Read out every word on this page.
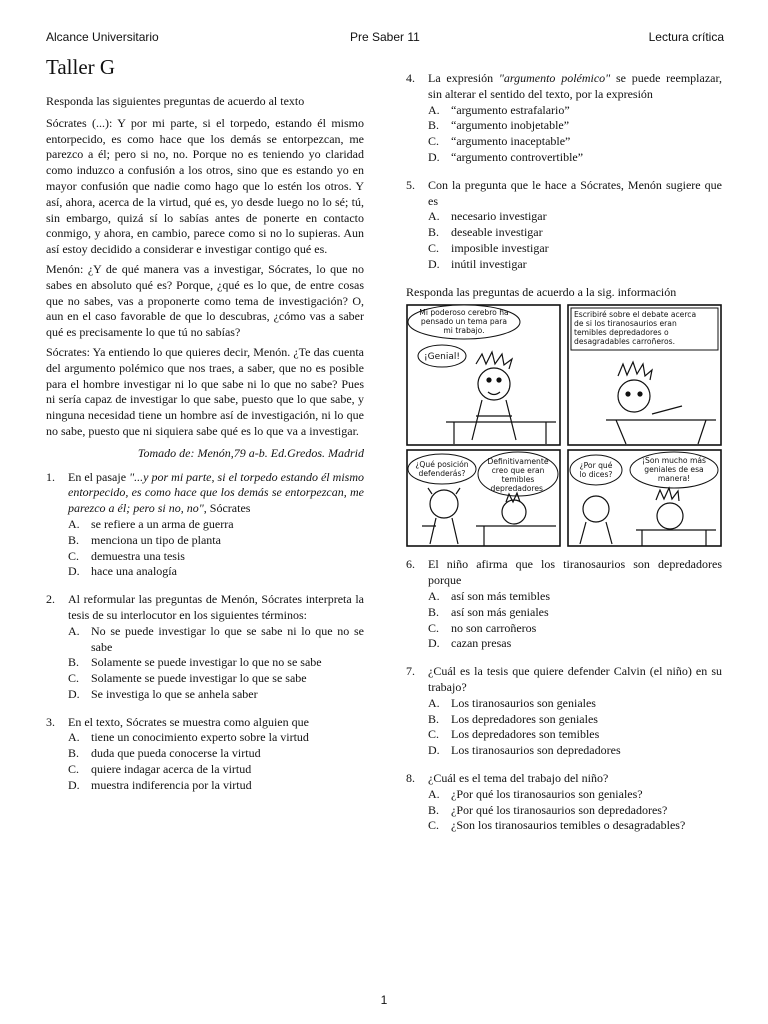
Alcance Universitario	Pre Saber 11	Lectura crítica
Taller G

Responda las siguientes preguntas de acuerdo al texto

Sócrates (...): Y por mi parte, si el torpedo, estando él mismo entorpecido, es como hace que los demás se entorpezcan, me parezco a él; pero si no, no. Porque no es teniendo yo claridad como induzco a confusión a los otros, sino que es estando yo en mayor confusión que nadie como hago que lo estén los otros. Y así, ahora, acerca de la virtud, qué es, yo desde luego no lo sé; tú, sin embargo, quizá sí lo sabías antes de ponerte en contacto conmigo, y ahora, en cambio, parece como si no lo supieras. Aun así estoy decidido a considerar e investigar contigo qué es.

Menón: ¿Y de qué manera vas a investigar, Sócrates, lo que no sabes en absoluto qué es? Porque, ¿qué es lo que, de entre cosas que no sabes, vas a proponerte como tema de investigación? O, aun en el caso favorable de que lo descubras, ¿cómo vas a saber qué es precisamente lo que tú no sabías?

Sócrates: Ya entiendo lo que quieres decir, Menón. ¿Te das cuenta del argumento polémico que nos traes, a saber, que no es posible para el hombre investigar ni lo que sabe ni lo que no sabe? Pues ni sería capaz de investigar lo que sabe, puesto que lo que sabe, y ninguna necesidad tiene un hombre así de investigación, ni lo que no sabe, puesto que ni siquiera sabe qué es lo que va a investigar.

Tomado de: Menón,79 a-b. Ed.Gredos. Madrid

1.	En el pasaje "...y por mi parte, si el torpedo estando él mismo entorpecido, es como hace que los demás se entorpezcan, me parezco a él; pero si no, no", Sócrates
A. se refiere a un arma de guerra
B. menciona un tipo de planta
C. demuestra una tesis
D. hace una analogía
2.	Al reformular las preguntas de Menón, Sócrates interpreta la tesis de su interlocutor en los siguientes términos:
A. No se puede investigar lo que se sabe ni lo que no se sabe
B. Solamente se puede investigar lo que no se sabe
C. Solamente se puede investigar lo que se sabe
D. Se investiga lo que se anhela saber
3.	En el texto, Sócrates se muestra como alguien que
A. tiene un conocimiento experto sobre la virtud
B. duda que pueda conocerse la virtud
C. quiere indagar acerca de la virtud
D. muestra indiferencia por la virtud
4.	La expresión "argumento polémico" se puede reemplazar, sin alterar el sentido del texto, por la expresión
A. “argumento estrafalario”
B. “argumento inobjetable”
C. “argumento inaceptable”
D. “argumento controvertible”
5.	Con la pregunta que le hace a Sócrates, Menón sugiere que es
A. necesario investigar
B. deseable investigar
C. imposible investigar
D. inútil investigar

Responda las preguntas de acuerdo a la sig. información

Mi poderoso cerebro ha
pensado un tema para
mi trabajo.
¡Genial!
Escribiré sobre el debate acerca
de si los tiranosaurios eran
temibles depredadores o
desagradables carroñeros.
¿Qué posición
defenderás?
Definitivamente
creo que eran
temibles
depredadores.
¿Por qué
lo dices?
¡Son mucho más
geniales de esa
manera!
6.	El niño afirma que los tiranosaurios son depredadores porque
A. así son más temibles
B. así son más geniales
C. no son carroñeros
D. cazan presas
7.	¿Cuál es la tesis que quiere defender Calvin (el niño) en su trabajo?
A. Los tiranosaurios son geniales
B. Los depredadores son geniales
C. Los depredadores son temibles
D. Los tiranosaurios son depredadores
8.	¿Cuál es el tema del trabajo del niño?
A. ¿Por qué los tiranosaurios son geniales?
B. ¿Por qué los tiranosaurios son depredadores?
C. ¿Son los tiranosaurios temibles o desagradables?
1
